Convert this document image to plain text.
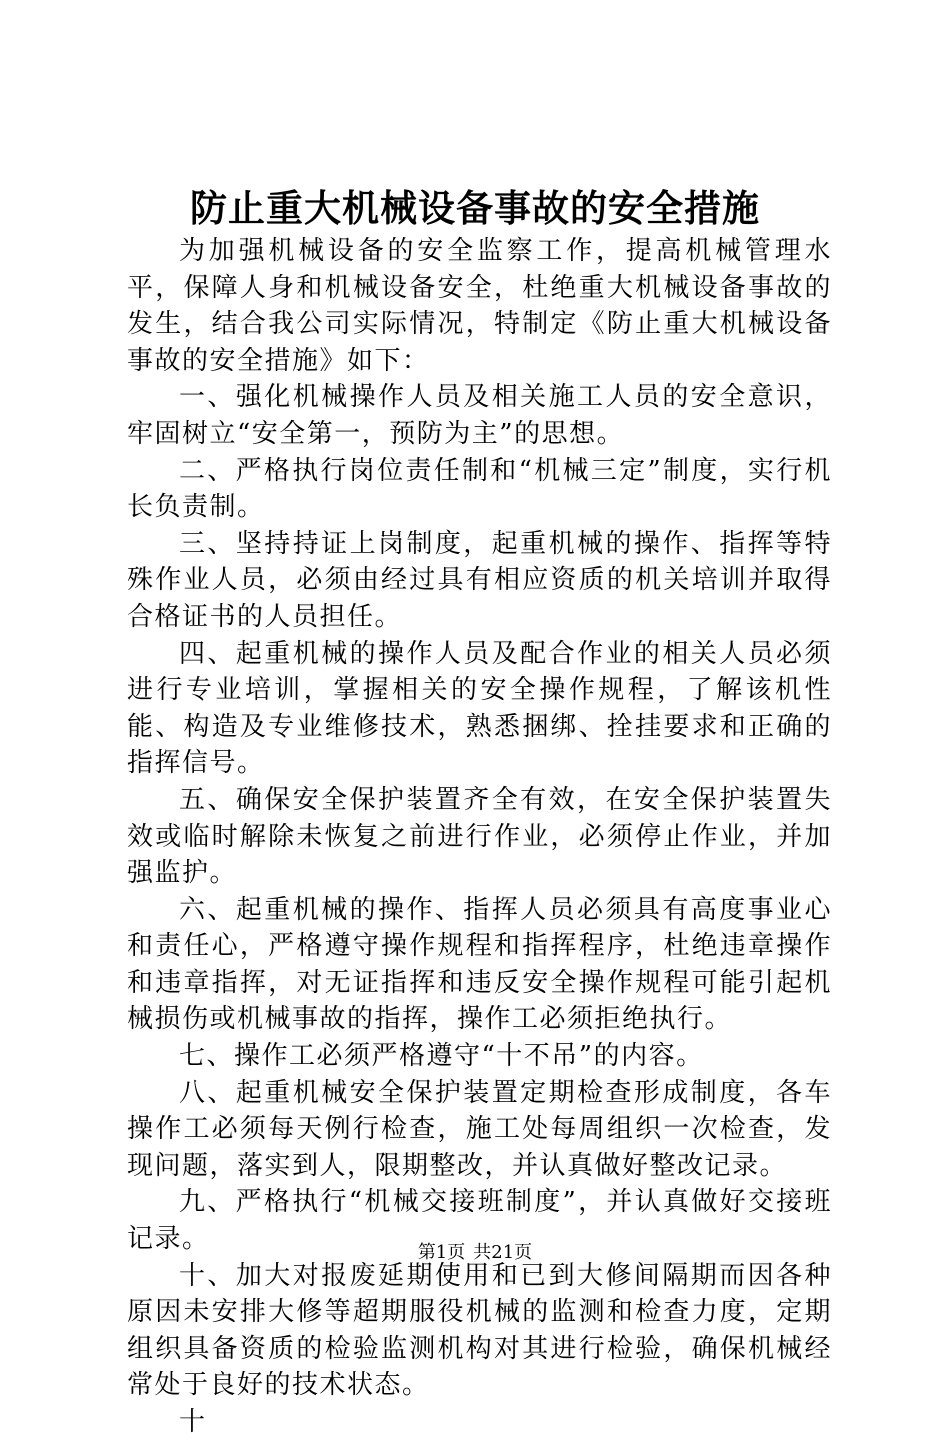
防止重大机械设备事故的安全措施

为加强机械设备的安全监察工作，提高机械管理水平，保障人身和机械设备安全，杜绝重大机械设备事故的发生，结合我公司实际情况，特制定《防止重大机械设备事故的安全措施》如下：

一、强化机械操作人员及相关施工人员的安全意识，牢固树立“安全第一，预防为主”的思想。

二、严格执行岗位责任制和“机械三定”制度，实行机长负责制。

三、坚持持证上岗制度，起重机械的操作、指挥等特殊作业人员，必须由经过具有相应资质的机关培训并取得合格证书的人员担任。

四、起重机械的操作人员及配合作业的相关人员必须进行专业培训，掌握相关的安全操作规程，了解该机性能、构造及专业维修技术，熟悉捆绑、拴挂要求和正确的指挥信号。

五、确保安全保护装置齐全有效，在安全保护装置失效或临时解除未恢复之前进行作业，必须停止作业，并加强监护。

六、起重机械的操作、指挥人员必须具有高度事业心和责任心，严格遵守操作规程和指挥程序，杜绝违章操作和违章指挥，对无证指挥和违反安全操作规程可能引起机械损伤或机械事故的指挥，操作工必须拒绝执行。

七、操作工必须严格遵守“十不吊”的内容。

八、起重机械安全保护装置定期检查形成制度，各车操作工必须每天例行检查，施工处每周组织一次检查，发现问题，落实到人，限期整改，并认真做好整改记录。

九、严格执行“机械交接班制度”，并认真做好交接班记录。

十、加大对报废延期使用和已到大修间隔期而因各种原因未安排大修等超期服役机械的监测和检查力度，定期组织具备资质的检验监测机构对其进行检验，确保机械经常处于良好的技术状态。

十

第1页 共21页
